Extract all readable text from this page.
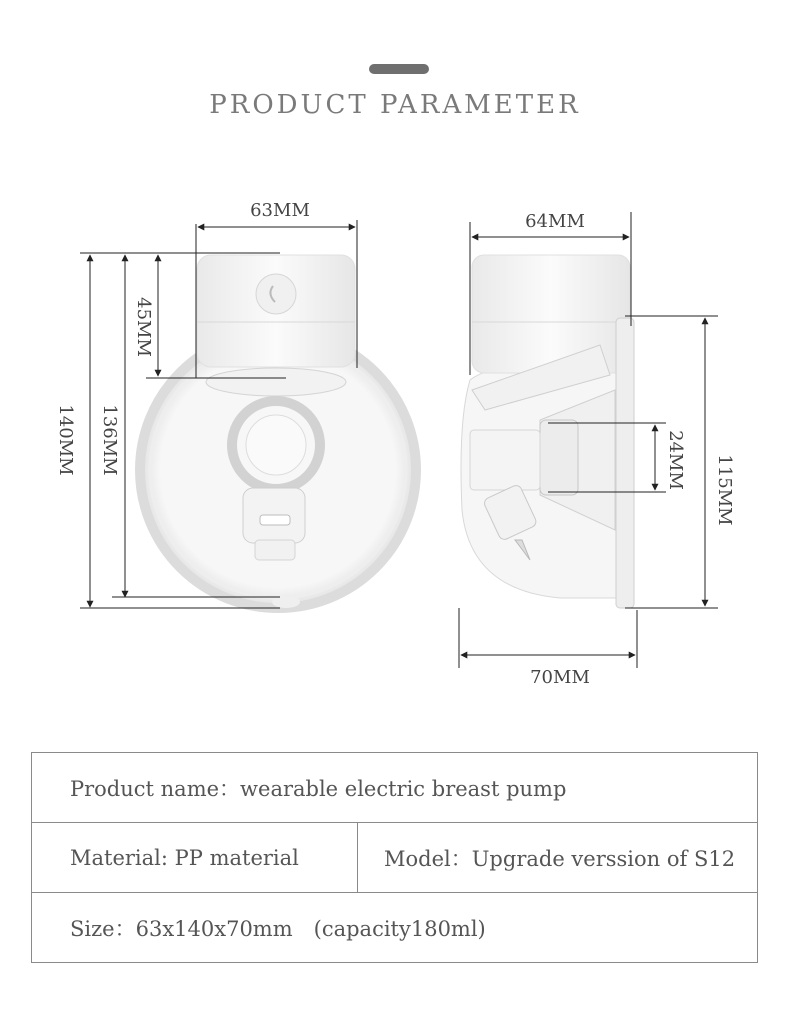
PRODUCT PARAMETER
63MM
140MM 136MM
45MM
64MM
24MM 115MM
70MM
Product name：wearable electric breast pump
Material: PP material	Model：Upgrade verssion of S12
Size：63x140x70mm　(capacity180ml)
